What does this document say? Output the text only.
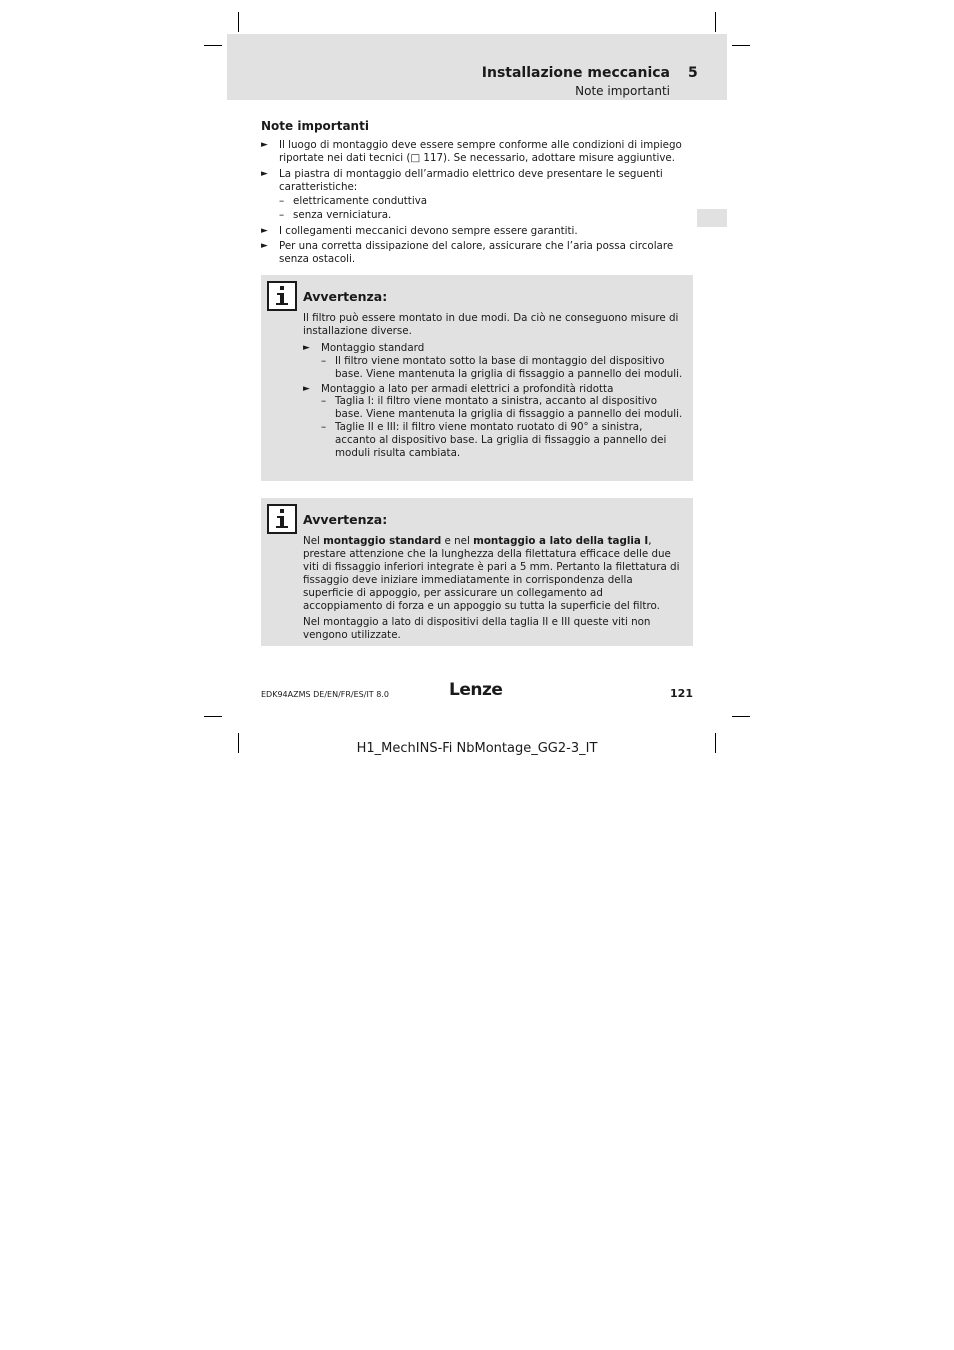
Installazione meccanica 5
Note importanti
Note importanti
► Il luogo di montaggio deve essere sempre conforme alle condizioni di impiego riportate nei dati tecnici (□ 117). Se necessario, adottare misure aggiuntive.
► La piastra di montaggio dell’armadio elettrico deve presentare le seguenti caratteristiche:
– elettricamente conduttiva
– senza verniciatura.
► I collegamenti meccanici devono sempre essere garantiti.
► Per una corretta dissipazione del calore, assicurare che l’aria possa circolare senza ostacoli.
Avvertenza:

Il filtro può essere montato in due modi. Da ciò ne conseguono misure di installazione diverse.

► Montaggio standard
– Il filtro viene montato sotto la base di montaggio del dispositivo base. Viene mantenuta la griglia di fissaggio a pannello dei moduli.
► Montaggio a lato per armadi elettrici a profondità ridotta
– Taglia I: il filtro viene montato a sinistra, accanto al dispositivo base. Viene mantenuta la griglia di fissaggio a pannello dei moduli.
– Taglie II e III: il filtro viene montato ruotato di 90° a sinistra, accanto al dispositivo base. La griglia di fissaggio a pannello dei moduli risulta cambiata.
Avvertenza:

Nel montaggio standard e nel montaggio a lato della taglia I, prestare attenzione che la lunghezza della filettatura efficace delle due viti di fissaggio inferiori integrate è pari a 5 mm. Pertanto la filettatura di fissaggio deve iniziare immediatamente in corrispondenza della superficie di appoggio, per assicurare un collegamento ad accoppiamento di forza e un appoggio su tutta la superficie del filtro.

Nel montaggio a lato di dispositivi della taglia II e III queste viti non vengono utilizzate.

EDK94AZMS DE/EN/FR/ES/IT 8.0	Lenze	121
H1_MechINS-Fi NbMontage_GG2-3_IT
